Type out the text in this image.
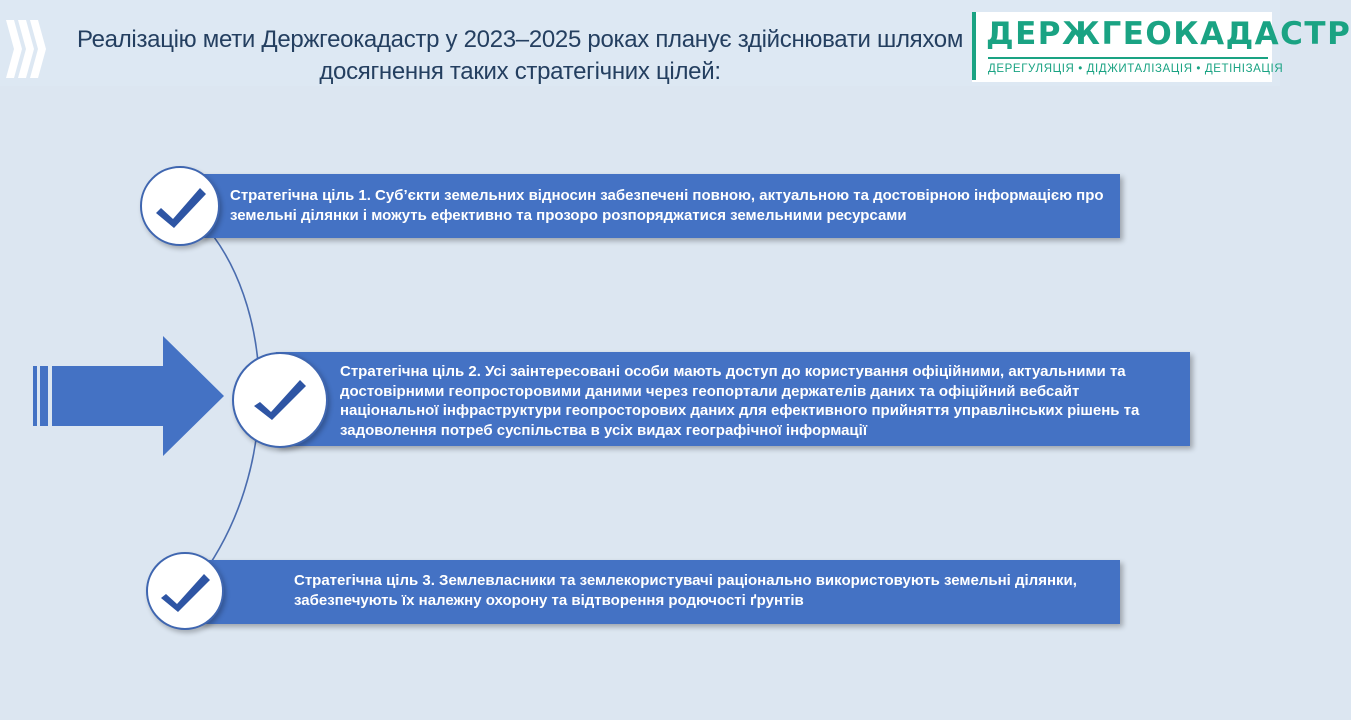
Реалізацію мети Держгеокадастр у 2023–2025 роках планує здійснювати шляхом
досягнення таких стратегічних цілей:
ДЕРЖГЕОКАДАСТР
ДЕРЕГУЛЯЦІЯ • ДІДЖИТАЛІЗАЦІЯ • ДЕТІНІЗАЦІЯ
Стратегічна ціль 1. Суб’єкти земельних відносин забезпечені повною, актуальною та достовірною інформацією про земельні ділянки і можуть ефективно та прозоро розпоряджатися земельними ресурсами
Стратегічна ціль 2. Усі заінтересовані особи мають доступ до користування офіційними, актуальними та достовірними геопросторовими даними через геопортали держателів даних та офіційний вебсайт національної інфраструктури геопросторових даних для ефективного прийняття управлінських рішень та задоволення потреб суспільства в усіх видах географічної інформації
Стратегічна ціль 3. Землевласники та землекористувачі раціонально використовують земельні ділянки, забезпечують їх належну охорону та відтворення родючості ґрунтів
